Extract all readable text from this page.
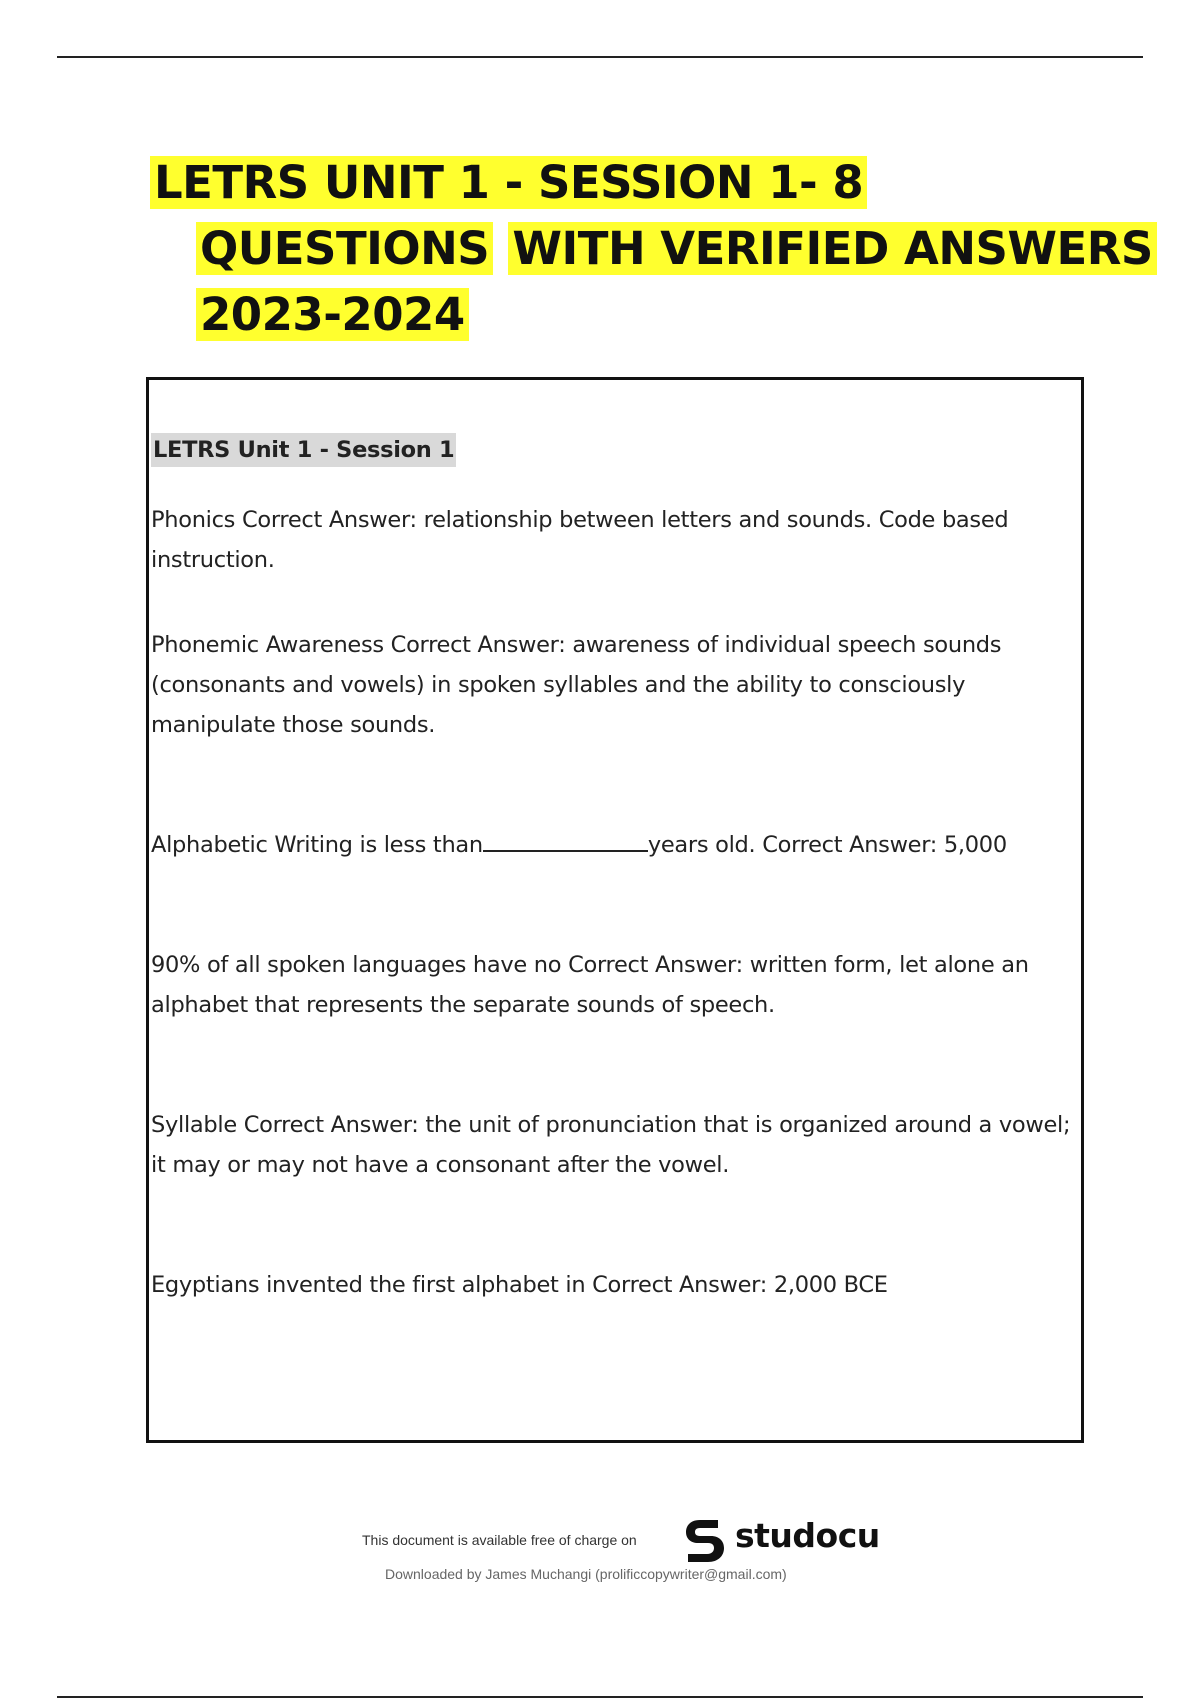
LETRS UNIT 1 - SESSION 1- 8
QUESTIONS WITH VERIFIED ANSWERS
2023-2024
LETRS Unit 1 - Session 1

Phonics Correct Answer: relationship between letters and sounds. Code based instruction.

Phonemic Awareness Correct Answer: awareness of individual speech sounds (consonants and vowels) in spoken syllables and the ability to consciously manipulate those sounds.

Alphabetic Writing is less than	years old. Correct Answer: 5,000

90% of all spoken languages have no Correct Answer: written form, let alone an alphabet that represents the separate sounds of speech.

Syllable Correct Answer: the unit of pronunciation that is organized around a vowel; it may or may not have a consonant after the vowel.

Egyptians invented the first alphabet in Correct Answer: 2,000 BCE

This document is available free of charge on	studocu
Downloaded by James Muchangi (prolificcopywriter@gmail.com)
